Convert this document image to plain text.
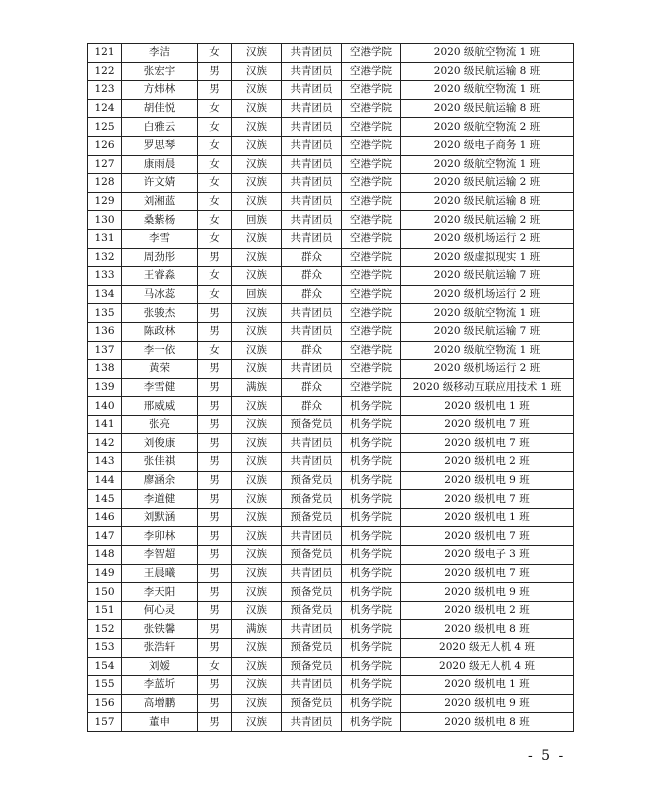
121	李洁	女	汉族	共青团员	空港学院	2020 级航空物流 1 班
122	张宏宇	男	汉族	共青团员	空港学院	2020 级民航运输 8 班
123	方炜林	男	汉族	共青团员	空港学院	2020 级航空物流 1 班
124	胡佳悦	女	汉族	共青团员	空港学院	2020 级民航运输 8 班
125	白雅云	女	汉族	共青团员	空港学院	2020 级航空物流 2 班
126	罗思琴	女	汉族	共青团员	空港学院	2020 级电子商务 1 班
127	康雨晨	女	汉族	共青团员	空港学院	2020 级航空物流 1 班
128	许文婧	女	汉族	共青团员	空港学院	2020 级民航运输 2 班
129	刘湘蓝	女	汉族	共青团员	空港学院	2020 级民航运输 8 班
130	桑紫杨	女	回族	共青团员	空港学院	2020 级民航运输 2 班
131	李雪	女	汉族	共青团员	空港学院	2020 级机场运行 2 班
132	周劲彤	男	汉族	群众	空港学院	2020 级虚拟现实 1 班
133	王睿淼	女	汉族	群众	空港学院	2020 级民航运输 7 班
134	马冰蕊	女	回族	群众	空港学院	2020 级机场运行 2 班
135	张骏杰	男	汉族	共青团员	空港学院	2020 级航空物流 1 班
136	陈政林	男	汉族	共青团员	空港学院	2020 级民航运输 7 班
137	李一依	女	汉族	群众	空港学院	2020 级航空物流 1 班
138	黄荣	男	汉族	共青团员	空港学院	2020 级机场运行 2 班
139	李雪健	男	满族	群众	空港学院	2020 级移动互联应用技术 1 班
140	邢威威	男	汉族	群众	机务学院	2020 级机电 1 班
141	张亮	男	汉族	预备党员	机务学院	2020 级机电 7 班
142	刘俊康	男	汉族	共青团员	机务学院	2020 级机电 7 班
143	张佳祺	男	汉族	共青团员	机务学院	2020 级机电 2 班
144	廖涵余	男	汉族	预备党员	机务学院	2020 级机电 9 班
145	李道健	男	汉族	预备党员	机务学院	2020 级机电 7 班
146	刘默涵	男	汉族	预备党员	机务学院	2020 级机电 1 班
147	李卯林	男	汉族	共青团员	机务学院	2020 级机电 7 班
148	李智超	男	汉族	预备党员	机务学院	2020 级电子 3 班
149	王晨曦	男	汉族	共青团员	机务学院	2020 级机电 7 班
150	李天阳	男	汉族	预备党员	机务学院	2020 级机电 9 班
151	何心灵	男	汉族	预备党员	机务学院	2020 级机电 2 班
152	张铁馨	男	满族	共青团员	机务学院	2020 级机电 8 班
153	张浩轩	男	汉族	预备党员	机务学院	2020 级无人机 4 班
154	刘嫒	女	汉族	预备党员	机务学院	2020 级无人机 4 班
155	李蓝圻	男	汉族	共青团员	机务学院	2020 级机电 1 班
156	高增鹏	男	汉族	预备党员	机务学院	2020 级机电 9 班
157	董申	男	汉族	共青团员	机务学院	2020 级机电 8 班
- 5 -
